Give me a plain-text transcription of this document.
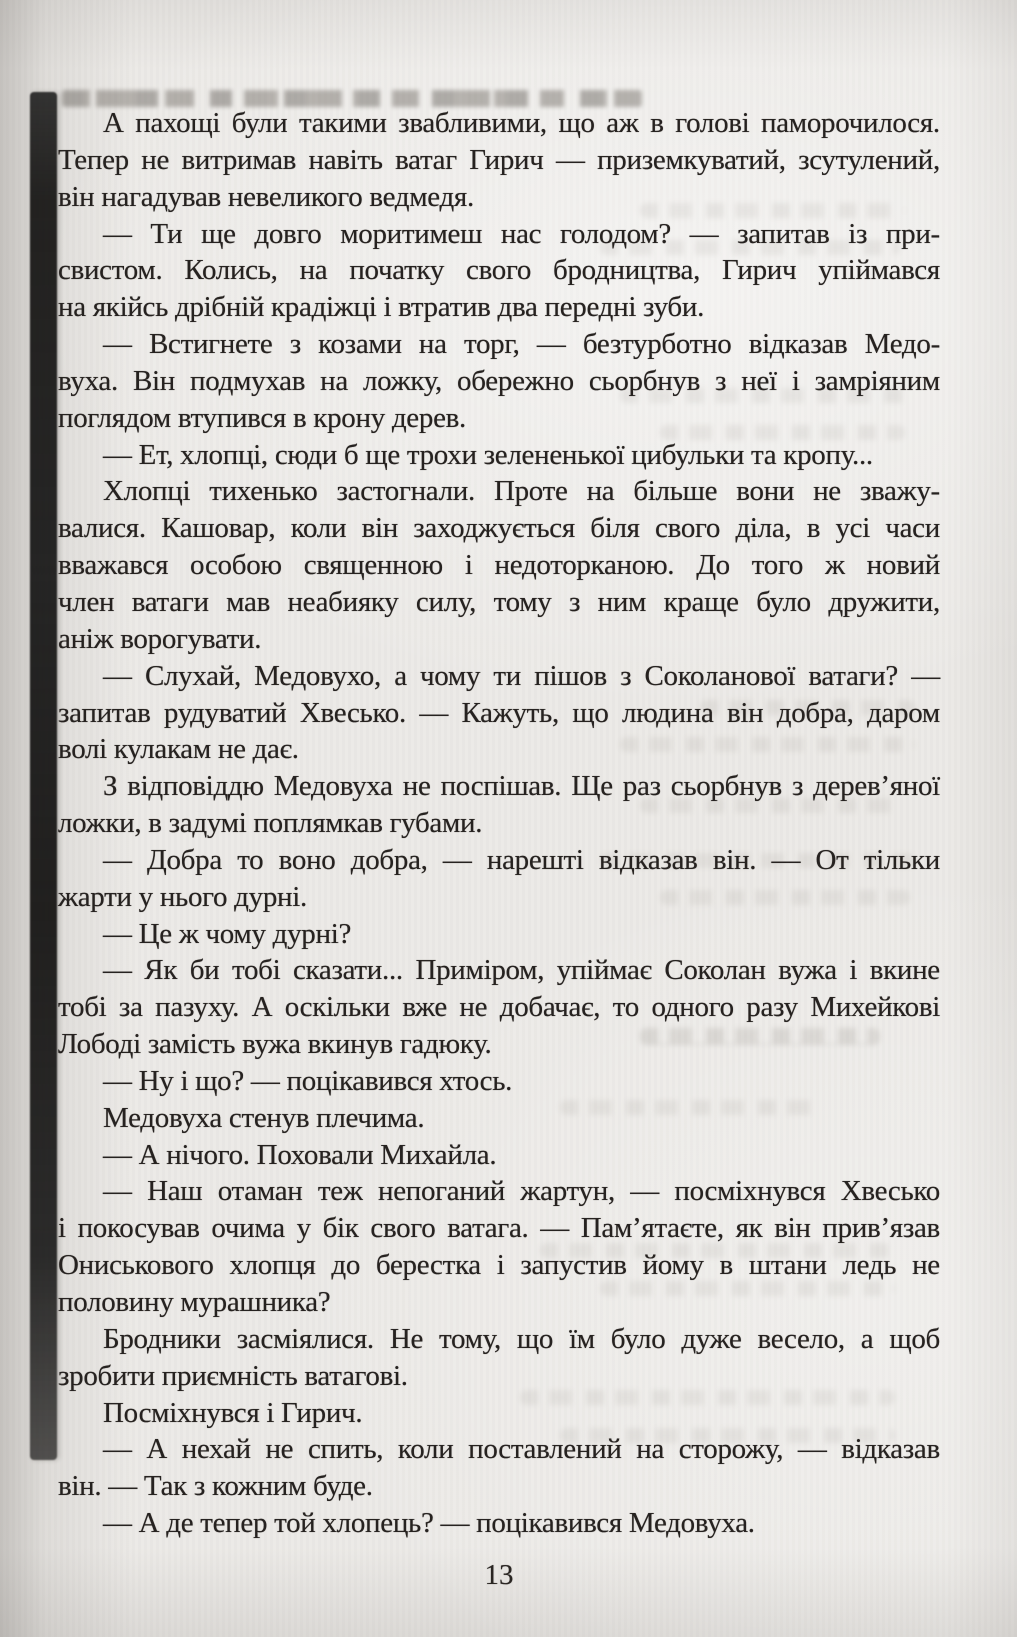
А пахощі були такими звабливими, що аж в голові паморочилося.
Тепер не витримав навіть ватаг Гирич — приземкуватий, зсутулений,
він нагадував невеликого ведмедя.
— Ти ще довго моритимеш нас голодом? — запитав із при-
свистом. Колись, на початку свого бродництва, Гирич упіймався
на якійсь дрібній крадіжці і втратив два передні зуби.
— Встигнете з козами на торг, — безтурботно відказав Медо-
вуха. Він подмухав на ложку, обережно сьорбнув з неї і замріяним
поглядом втупився в крону дерев.
— Ет, хлопці, сюди б ще трохи зелененької цибульки та кропу...
Хлопці тихенько застогнали. Проте на більше вони не зважу-
валися. Кашовар, коли він заходжується біля свого діла, в усі часи
вважався особою священною і недоторканою. До того ж новий
член ватаги мав неабияку силу, тому з ним краще було дружити,
аніж ворогувати.
— Слухай, Медовухо, а чому ти пішов з Соколанової ватаги? —
запитав рудуватий Хвесько. — Кажуть, що людина він добра, даром
волі кулакам не дає.
З відповіддю Медовуха не поспішав. Ще раз сьорбнув з дерев’яної
ложки, в задумі поплямкав губами.
— Добра то воно добра, — нарешті відказав він. — От тільки
жарти у нього дурні.
— Це ж чому дурні?
— Як би тобі сказати... Приміром, упіймає Соколан вужа і вкине
тобі за пазуху. А оскільки вже не добачає, то одного разу Михейкові
Лободі замість вужа вкинув гадюку.
— Ну і що? — поцікавився хтось.
Медовуха стенув плечима.
— А нічого. Поховали Михайла.
— Наш отаман теж непоганий жартун, — посміхнувся Хвесько
і покосував очима у бік свого ватага. — Пам’ятаєте, як він прив’язав
Ониськового хлопця до берестка і запустив йому в штани ледь не
половину мурашника?
Бродники засміялися. Не тому, що їм було дуже весело, а щоб
зробити приємність ватагові.
Посміхнувся і Гирич.
— А нехай не спить, коли поставлений на сторожу, — відказав
він. — Так з кожним буде.
— А де тепер той хлопець? — поцікавився Медовуха.
13
